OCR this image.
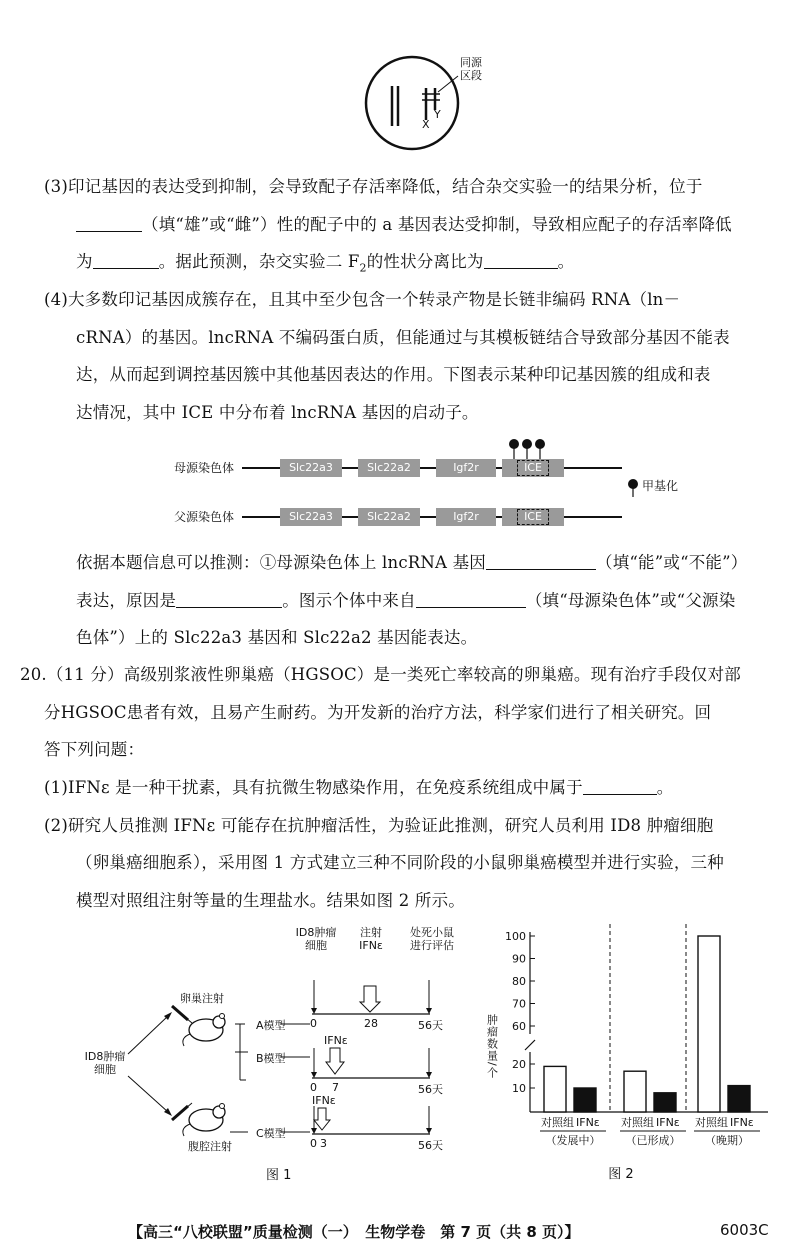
同源区段
X
Y
(3)印记基因的表达受到抑制，会导致配子存活率降低，结合杂交实验一的结果分析，位于
（填“雄”或“雌”）性的配子中的 a 基因表达受抑制，导致相应配子的存活率降低
为	。据此预测，杂交实验二 $F_2$的性状分离比为	。
(4)大多数印记基因成簇存在，且其中至少包含一个转录产物是长链非编码 RNA（ln－
cRNA）的基因。lncRNA 不编码蛋白质，但能通过与其模板链结合导致部分基因不能表
达，从而起到调控基因簇中其他基因表达的作用。下图表示某种印记基因簇的组成和表
达情况，其中 ICE 中分布着 lncRNA 基因的启动子。
母源染色体	Slc22a3	Slc22a2	Igf2r	ICE
甲基化
父源染色体	Slc22a3	Slc22a2	Igf2r	ICE
依据本题信息可以推测：①母源染色体上 lncRNA 基因	（填“能”或“不能”）
表达，原因是	。图示个体中来自	（填“母源染色体”或“父源染
色体”）上的 Slc22a3 基因和 Slc22a2 基因能表达。
20.（11 分）高级别浆液性卵巢癌（HGSOC）是一类死亡率较高的卵巢癌。现有治疗手段仅对部
分HGSOC患者有效，且易产生耐药。为开发新的治疗方法，科学家们进行了相关研究。回
答下列问题：
(1)IFNε 是一种干扰素，具有抗微生物感染作用，在免疫系统组成中属于	。
(2)研究人员推测 IFNε 可能存在抗肿瘤活性，为验证此推测，研究人员利用 ID8 肿瘤细胞
（卵巢癌细胞系），采用图 1 方式建立三种不同阶段的小鼠卵巢癌模型并进行实验，三种
模型对照组注射等量的生理盐水。结果如图 2 所示。
ID8肿瘤
细胞
卵巢注射
腹腔注射
ID8肿瘤
细胞
注射
IFNε
处死小鼠
进行评估
A模型 0	28	56天
IFNε
B模型
0 7	56天
IFNε
C模型
0 3	56天
图 1
10
20
60
70
80
90
100
肿瘤数量/个
对照组 IFNε
（发展中）
对照组 IFNε
（已形成）
对照组 IFNε
（晚期）
图 2
【高三“八校联盟”质量检测（一）　生物学卷　第 7 页（共 8 页）】	6003C
